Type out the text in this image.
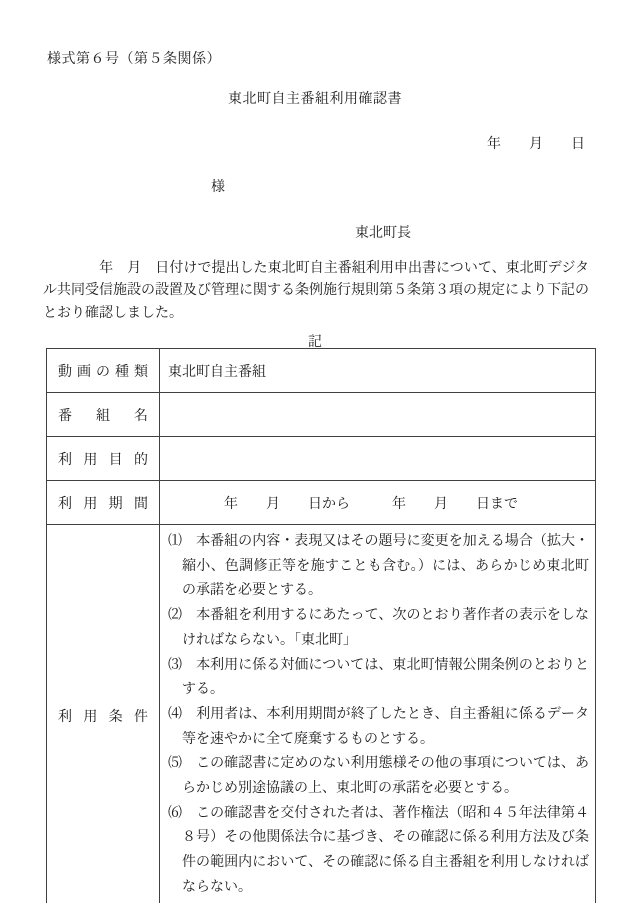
様式第６号（第５条関係）
東北町自主番組利用確認書
年　　月　　日
様
東北町長
　　　　年　月　日付けで提出した東北町自主番組利用申出書について、東北町デジタル共同受信施設の設置及び管理に関する条例施行規則第５条第３項の規定により下記のとおり確認しました。
記
動画の種類	東北町自主番組
番組名	
利用目的	
利用期間	　　　　年　　月　　日から　　　年　　月　　日まで
利用条件	

⑴　本番組の内容・表現又はその題号に変更を加える場合（拡大・縮小、色調修正等を施すことも含む。）には、あらかじめ東北町の承諾を必要とする。

⑵　本番組を利用するにあたって、次のとおり著作者の表示をしなければならない。「東北町」

⑶　本利用に係る対価については、東北町情報公開条例のとおりとする。

⑷　利用者は、本利用期間が終了したとき、自主番組に係るデータ等を速やかに全て廃棄するものとする。

⑸　この確認書に定めのない利用態様その他の事項については、あらかじめ別途協議の上、東北町の承諾を必要とする。

⑹　この確認書を交付された者は、著作権法（昭和４５年法律第４８号）その他関係法令に基づき、その確認に係る利用方法及び条件の範囲内において、その確認に係る自主番組を利用しなければならない。
